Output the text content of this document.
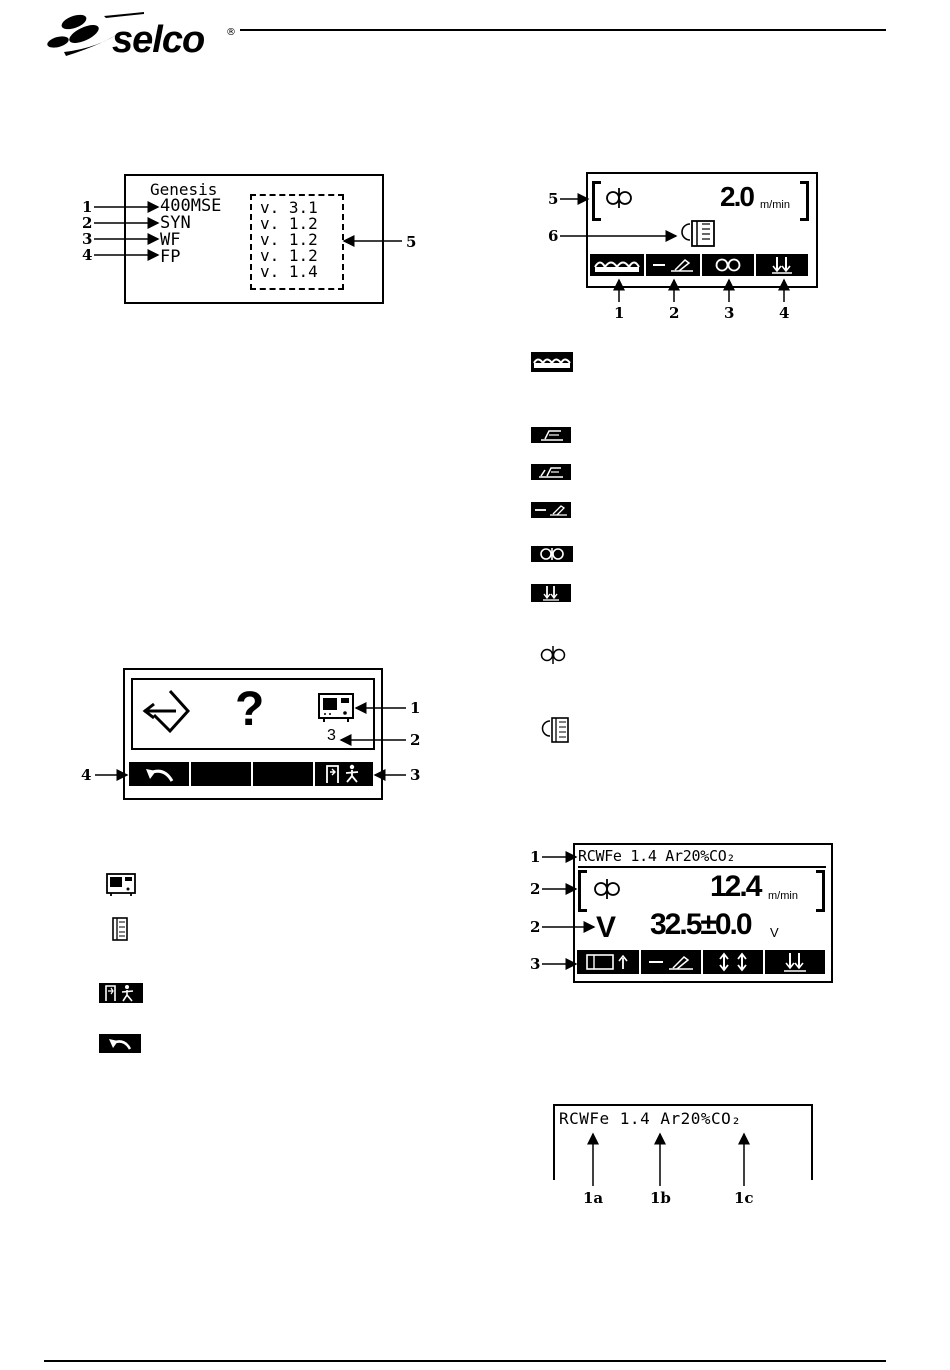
selco ®
Genesis
400MSE
SYN
WF
FP
v. 3.1
v. 1.2
v. 1.2
v. 1.2
v. 1.4
1
2
3
4
5
2.0 m/min
5
6
1	2	3	4
?	3
1
2
3
4
RCWFe 1.4 Ar20%CO₂
12.4 m/min
V 32.5±0.0 V
1
2
2
3
RCWFe 1.4 Ar20%CO₂
1a	1b	1c
